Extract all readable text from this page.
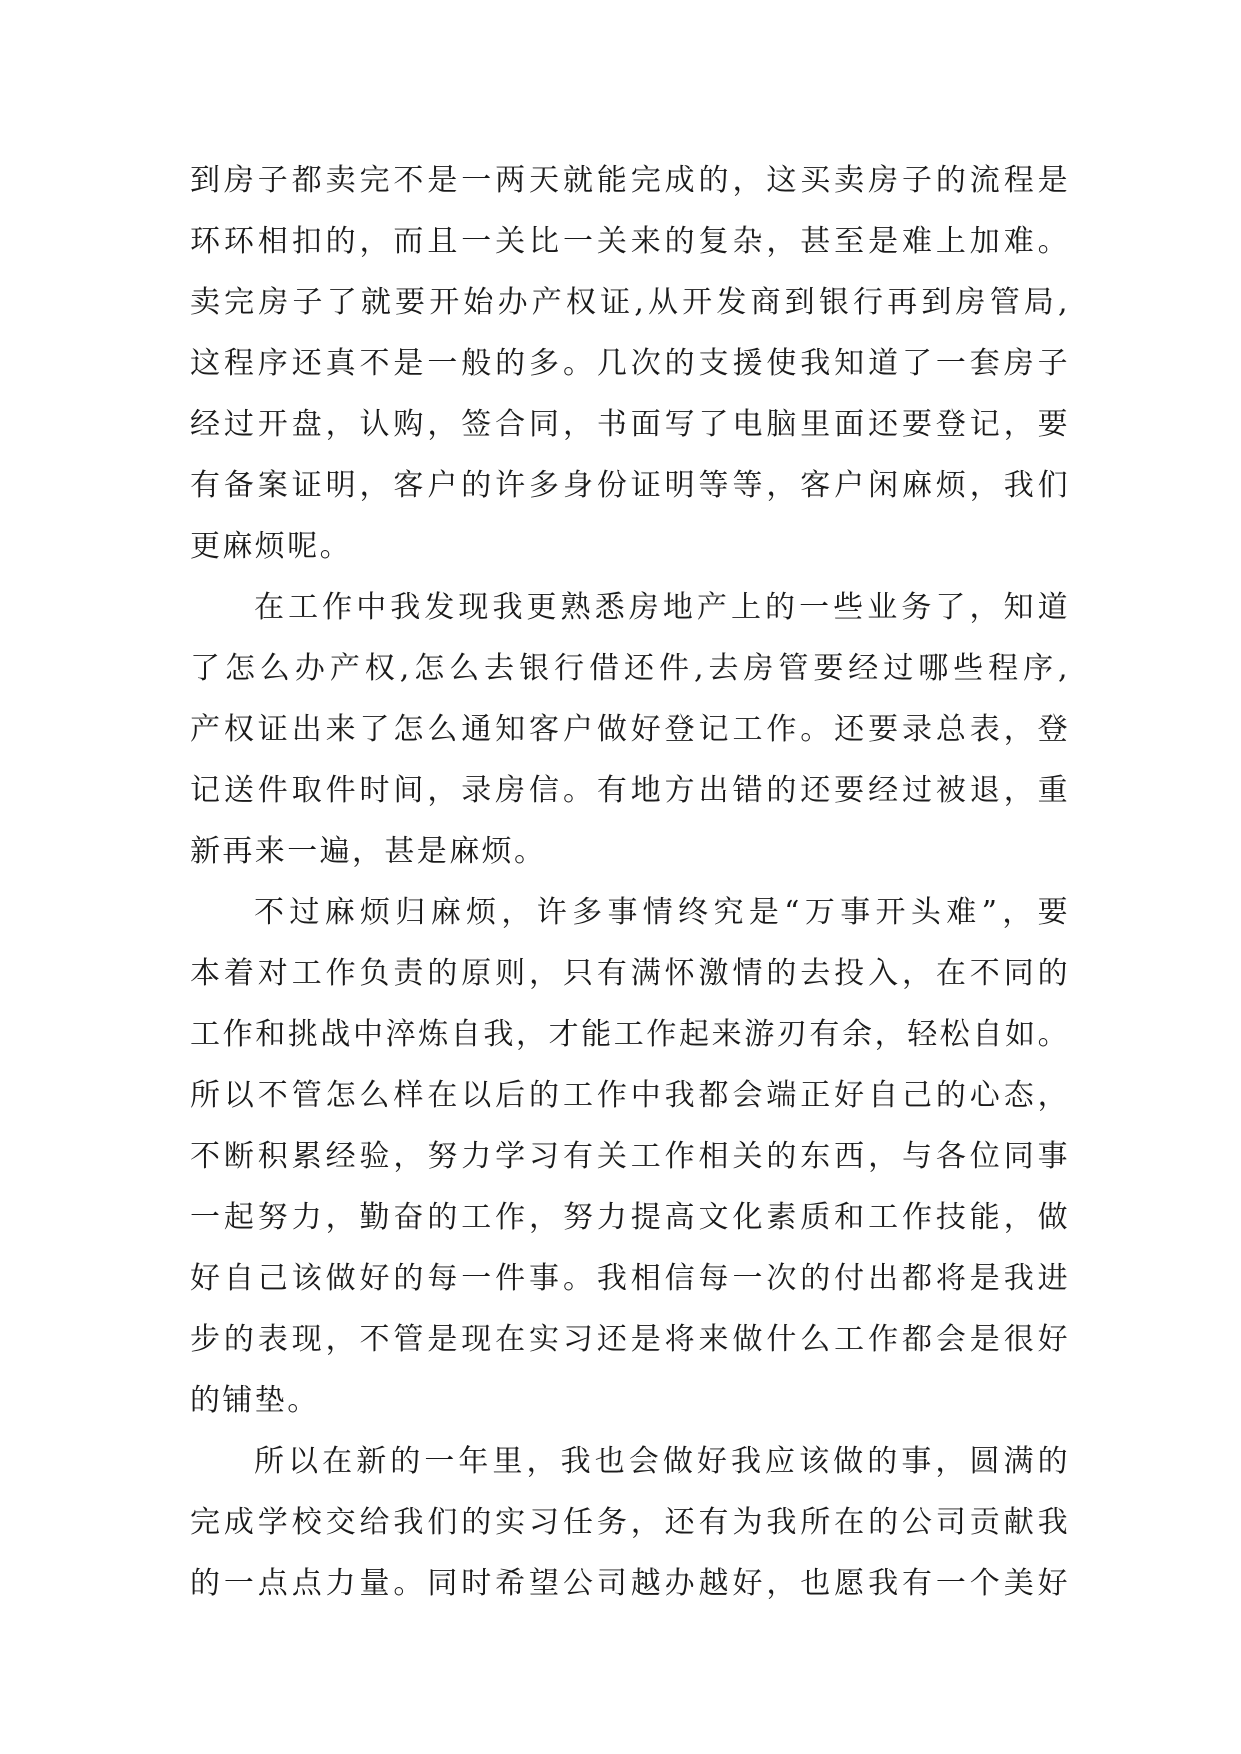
到房子都卖完不是一两天就能完成的，这买卖房子的流程是
环环相扣的，而且一关比一关来的复杂，甚至是难上加难。
卖完房子了就要开始办产权证,从开发商到银行再到房管局,
这程序还真不是一般的多。几次的支援使我知道了一套房子
经过开盘，认购，签合同，书面写了电脑里面还要登记，要
有备案证明，客户的许多身份证明等等，客户闲麻烦，我们
更麻烦呢。
在工作中我发现我更熟悉房地产上的一些业务了，知道
了怎么办产权,怎么去银行借还件,去房管要经过哪些程序,
产权证出来了怎么通知客户做好登记工作。还要录总表，登
记送件取件时间，录房信。有地方出错的还要经过被退，重
新再来一遍，甚是麻烦。
不过麻烦归麻烦，许多事情终究是“万事开头难”，要
本着对工作负责的原则，只有满怀激情的去投入，在不同的
工作和挑战中淬炼自我，才能工作起来游刃有余，轻松自如。
所以不管怎么样在以后的工作中我都会端正好自己的心态，
不断积累经验，努力学习有关工作相关的东西，与各位同事
一起努力，勤奋的工作，努力提高文化素质和工作技能，做
好自己该做好的每一件事。我相信每一次的付出都将是我进
步的表现，不管是现在实习还是将来做什么工作都会是很好
的铺垫。
所以在新的一年里，我也会做好我应该做的事，圆满的
完成学校交给我们的实习任务，还有为我所在的公司贡献我
的一点点力量。同时希望公司越办越好，也愿我有一个美好
